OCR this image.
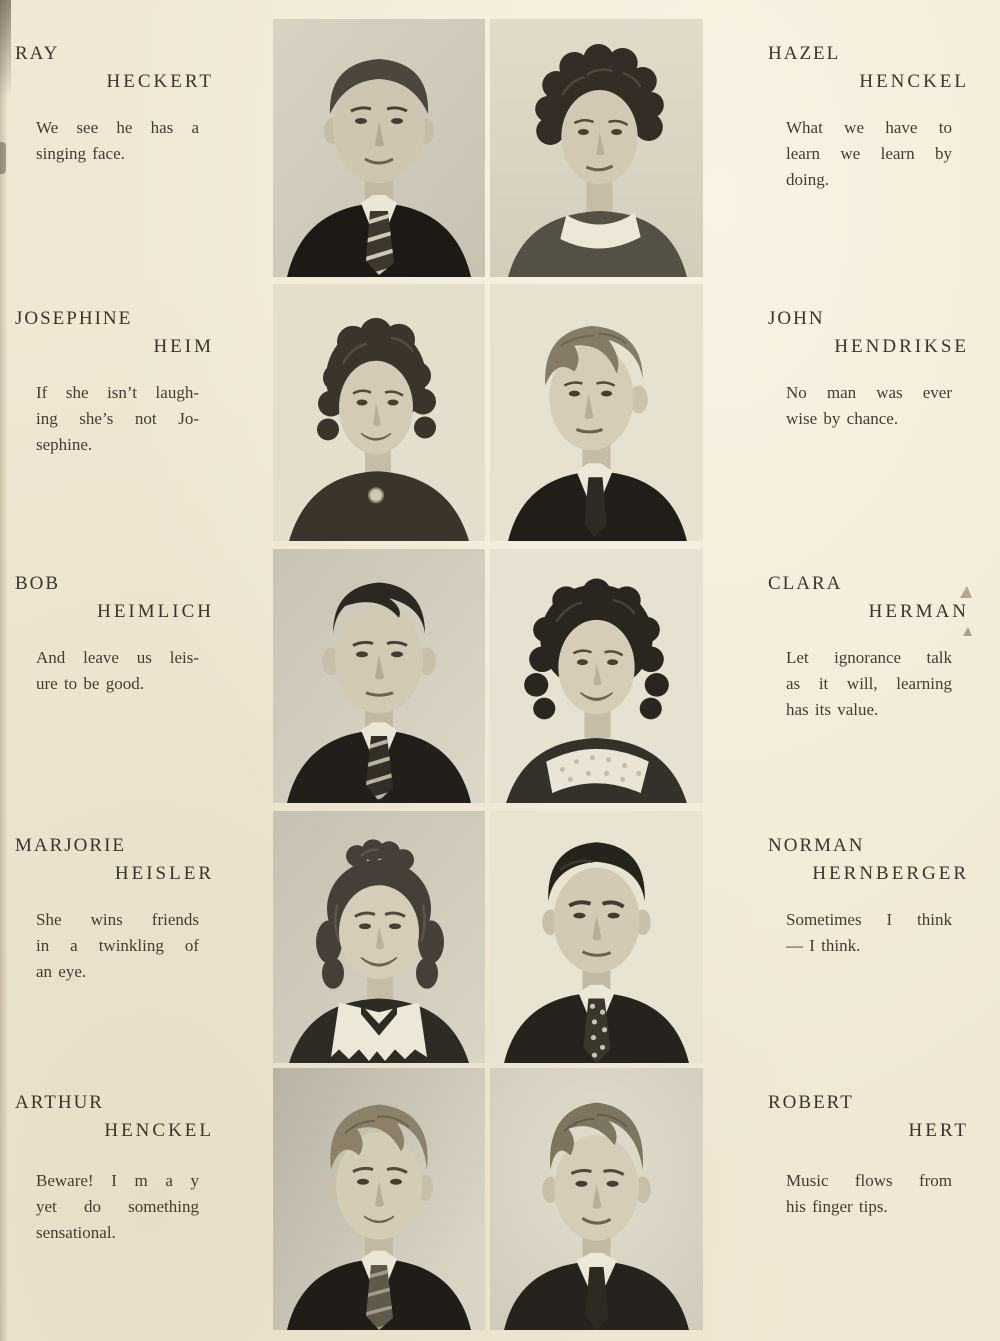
RAY
HECKERT
We see he has a
singing face.
HAZEL
HENCKEL
What we have to
learn we learn by
doing.
JOSEPHINE
HEIM
If she isn’t laugh-
ing she’s not Jo-
sephine.
JOHN
HENDRIKSE
No man was ever
wise by chance.
BOB
HEIMLICH
And leave us leis-
ure to be good.
CLARA
HERMAN
Let ignorance talk
as it will, learning
has its value.
MARJORIE
HEISLER
She wins friends
in a twinkling of
an eye.
NORMAN
HERNBERGER
Sometimes I think
— I think.
ARTHUR
HENCKEL
Beware! I m a y
yet do something
sensational.
ROBERT
HERT
Music flows from
his finger tips.
